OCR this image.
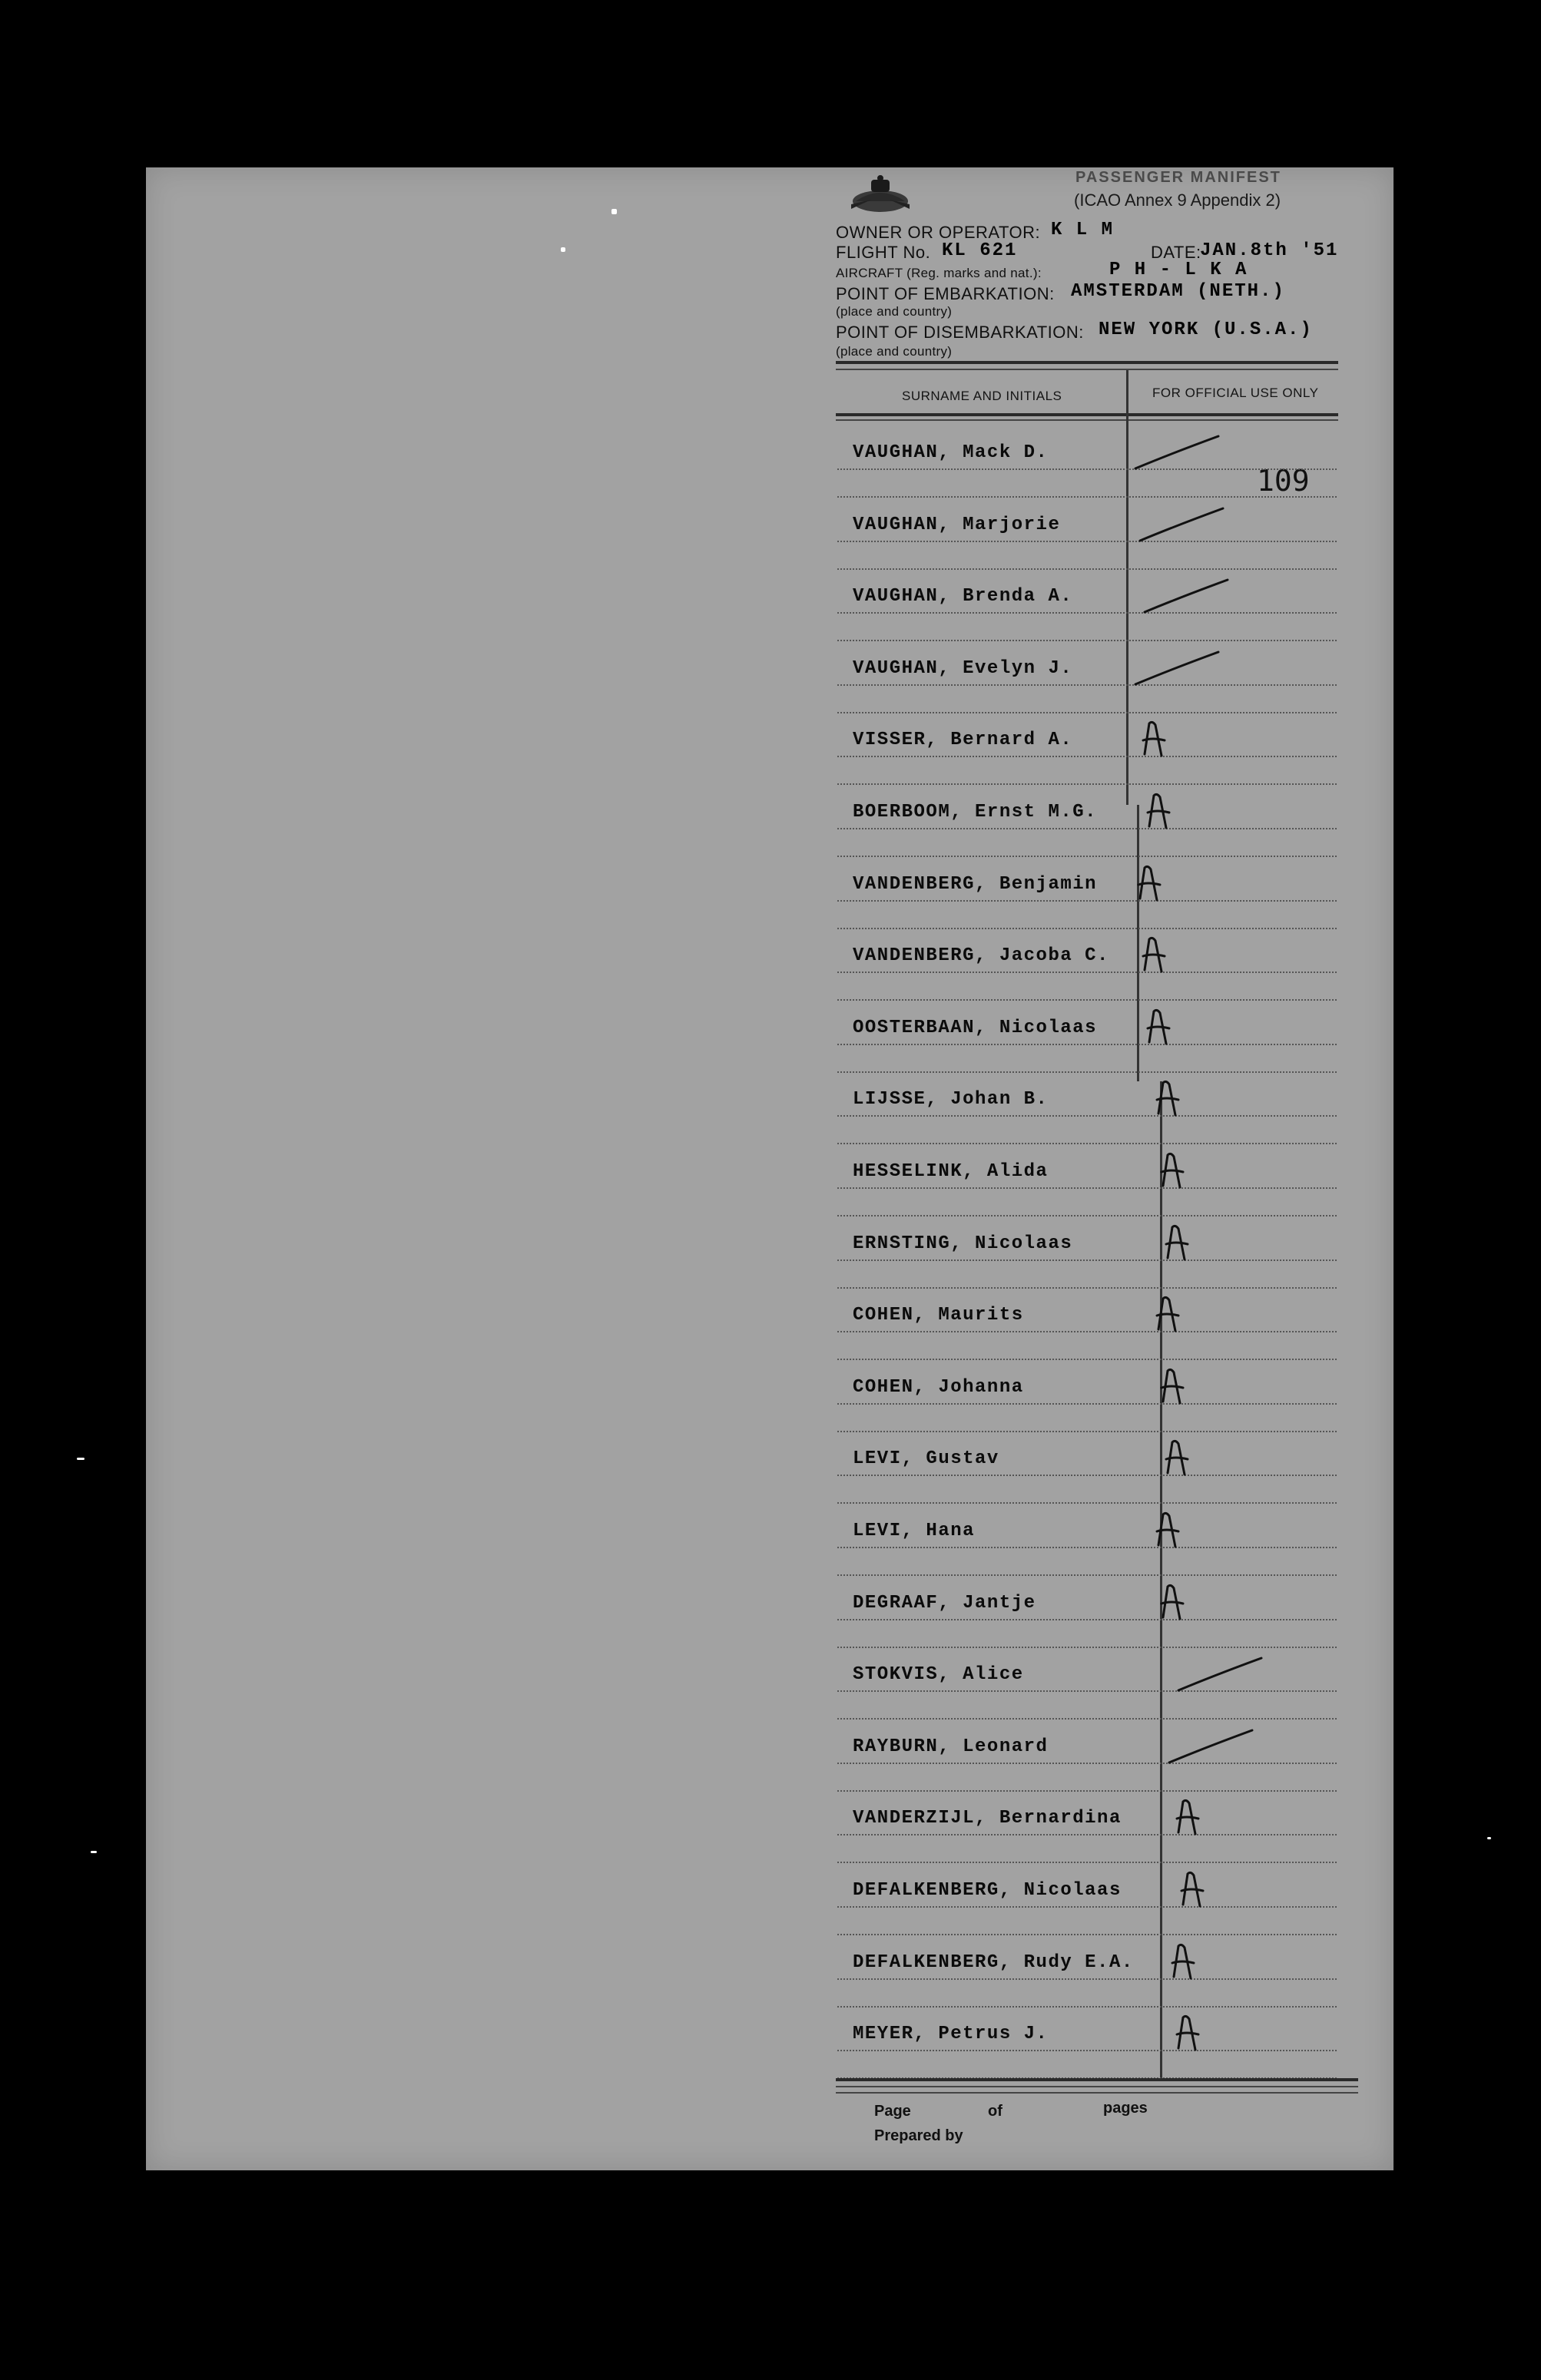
PASSENGER MANIFEST
(ICAO Annex 9 Appendix 2)
OWNER OR OPERATOR: K L M
FLIGHT No. KL 621	DATE:
JAN.8th '51
AIRCRAFT (Reg. marks and nat.):	P H - L K A
POINT OF EMBARKATION: AMSTERDAM (NETH.)
(place and country)
POINT OF DISEMBARKATION: NEW YORK (U.S.A.)
(place and country)
SURNAME AND INITIALS	FOR OFFICIAL USE ONLY
109
VAUGHAN, Mack D.
VAUGHAN, Marjorie
VAUGHAN, Brenda A.
VAUGHAN, Evelyn J.
VISSER, Bernard A.
BOERBOOM, Ernst M.G.
VANDENBERG, Benjamin
VANDENBERG, Jacoba C.
OOSTERBAAN, Nicolaas
LIJSSE, Johan B.
HESSELINK, Alida
ERNSTING, Nicolaas
COHEN, Maurits
COHEN, Johanna
LEVI, Gustav
LEVI, Hana
DEGRAAF, Jantje
STOKVIS, Alice
RAYBURN, Leonard
VANDERZIJL, Bernardina
DEFALKENBERG, Nicolaas
DEFALKENBERG, Rudy E.A.
MEYER, Petrus J.
Page	of	pages
Prepared by
